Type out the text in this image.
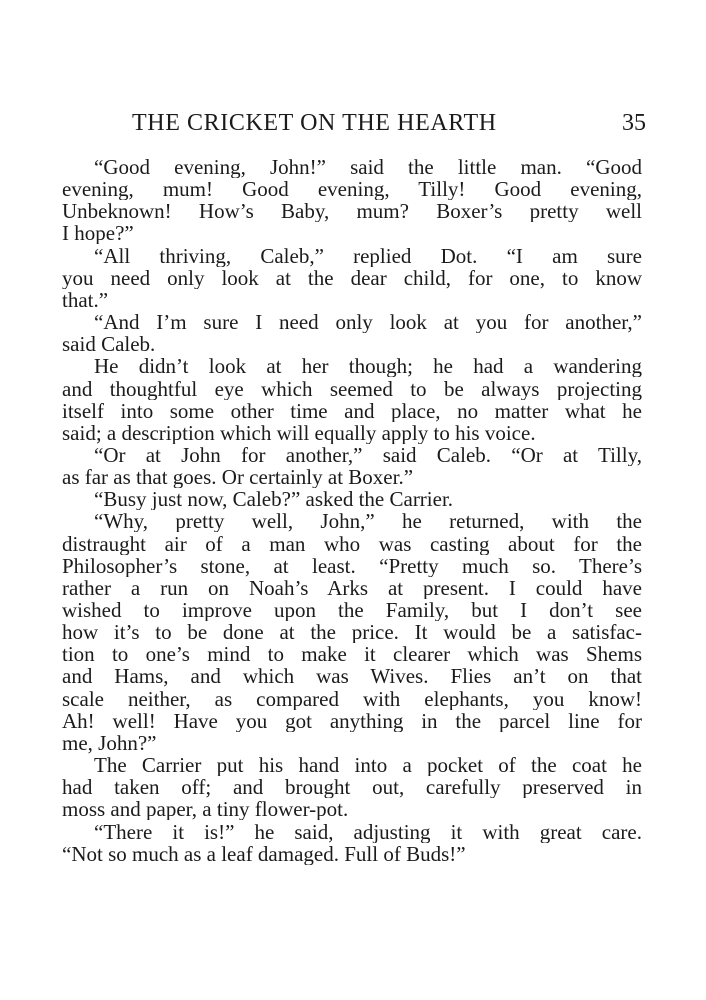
THE CRICKET ON THE HEARTH	35
“Good evening, John!” said the little man. “Good
evening, mum! Good evening, Tilly! Good evening,
Unbeknown! How’s Baby, mum? Boxer’s pretty well
I hope?”
“All thriving, Caleb,” replied Dot. “I am sure
you need only look at the dear child, for one, to know
that.”
“And I’m sure I need only look at you for another,”
said Caleb.
He didn’t look at her though; he had a wandering
and thoughtful eye which seemed to be always projecting
itself into some other time and place, no matter what he
said; a description which will equally apply to his voice.
“Or at John for another,” said Caleb. “Or at Tilly,
as far as that goes. Or certainly at Boxer.”
“Busy just now, Caleb?” asked the Carrier.
“Why, pretty well, John,” he returned, with the
distraught air of a man who was casting about for the
Philosopher’s stone, at least. “Pretty much so. There’s
rather a run on Noah’s Arks at present. I could have
wished to improve upon the Family, but I don’t see
how it’s to be done at the price. It would be a satisfac-
tion to one’s mind to make it clearer which was Shems
and Hams, and which was Wives. Flies an’t on that
scale neither, as compared with elephants, you know!
Ah! well! Have you got anything in the parcel line for
me, John?”
The Carrier put his hand into a pocket of the coat he
had taken off; and brought out, carefully preserved in
moss and paper, a tiny flower-pot.
“There it is!” he said, adjusting it with great care.
“Not so much as a leaf damaged. Full of Buds!”
